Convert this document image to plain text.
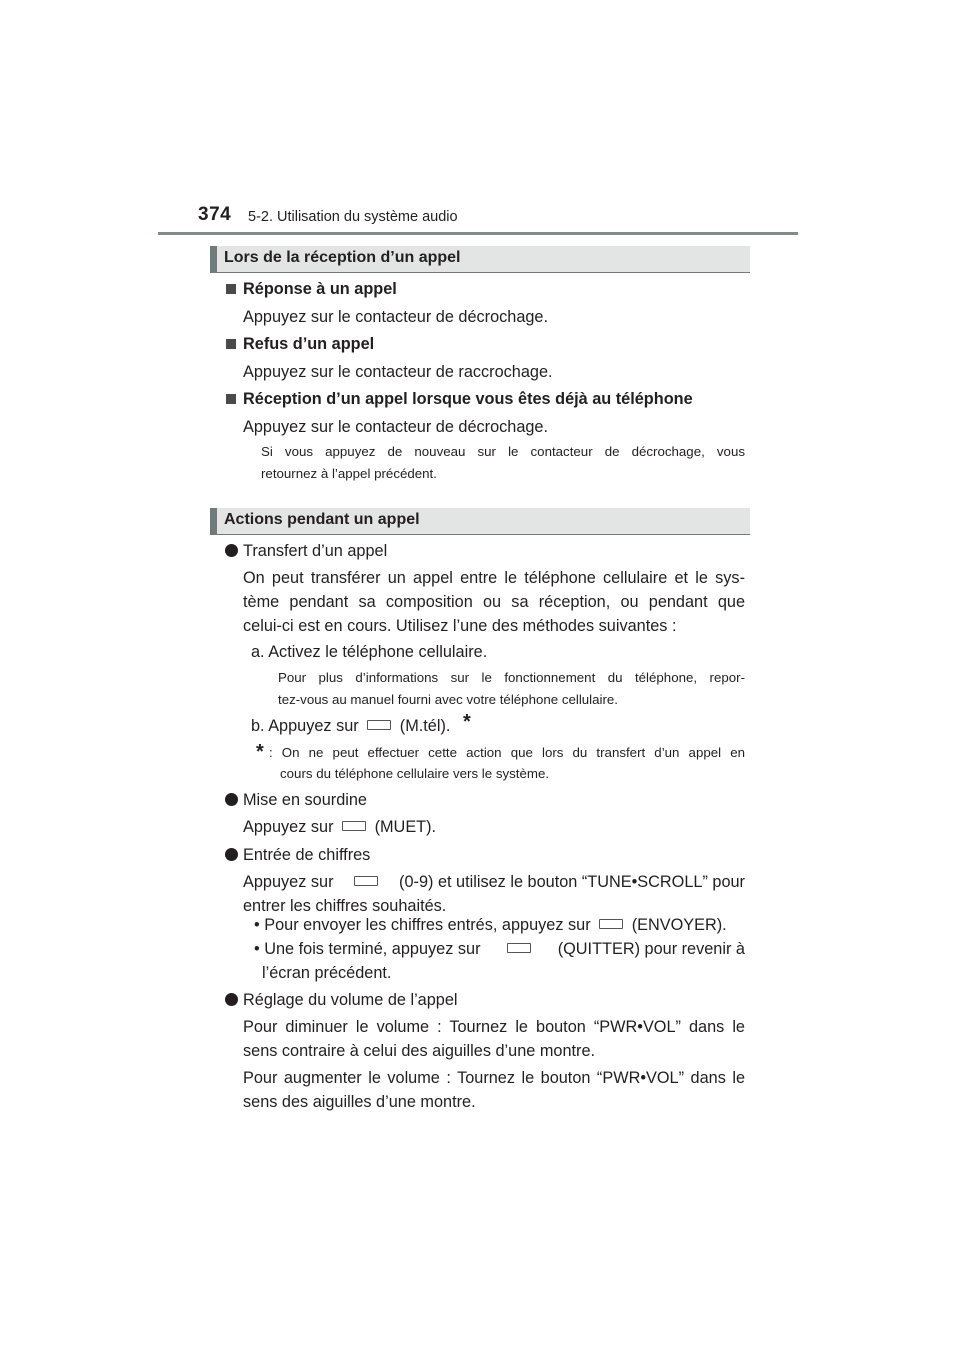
374 5-2. Utilisation du système audio
Lors de la réception d’un appel
Réponse à un appel
Appuyez sur le contacteur de décrochage.
Refus d’un appel
Appuyez sur le contacteur de raccrochage.
Réception d’un appel lorsque vous êtes déjà au téléphone
Appuyez sur le contacteur de décrochage.
Si vous appuyez de nouveau sur le contacteur de décrochage, vous
retournez à l’appel précédent.
Actions pendant un appel
Transfert d’un appel
On peut transférer un appel entre le téléphone cellulaire et le sys-
tème pendant sa composition ou sa réception, ou pendant que
celui-ci est en cours. Utilisez l’une des méthodes suivantes :
a. Activez le téléphone cellulaire.
Pour plus d’informations sur le fonctionnement du téléphone, repor-
tez-vous au manuel fourni avec votre téléphone cellulaire.
b. Appuyez sur	(M.tél). *
* : On ne peut effectuer cette action que lors du transfert d’un appel en
cours du téléphone cellulaire vers le système.
Mise en sourdine
Appuyez sur	(MUET).
Entrée de chiffres
Appuyez sur	(0-9) et utilisez le bouton “TUNE•SCROLL” pour
entrer les chiffres souhaités.
• Pour envoyer les chiffres entrés, appuyez sur	(ENVOYER).
• Une fois terminé, appuyez sur	(QUITTER) pour revenir à
l’écran précédent.
Réglage du volume de l’appel
Pour diminuer le volume : Tournez le bouton “PWR•VOL” dans le
sens contraire à celui des aiguilles d’une montre.
Pour augmenter le volume : Tournez le bouton “PWR•VOL” dans le
sens des aiguilles d’une montre.
